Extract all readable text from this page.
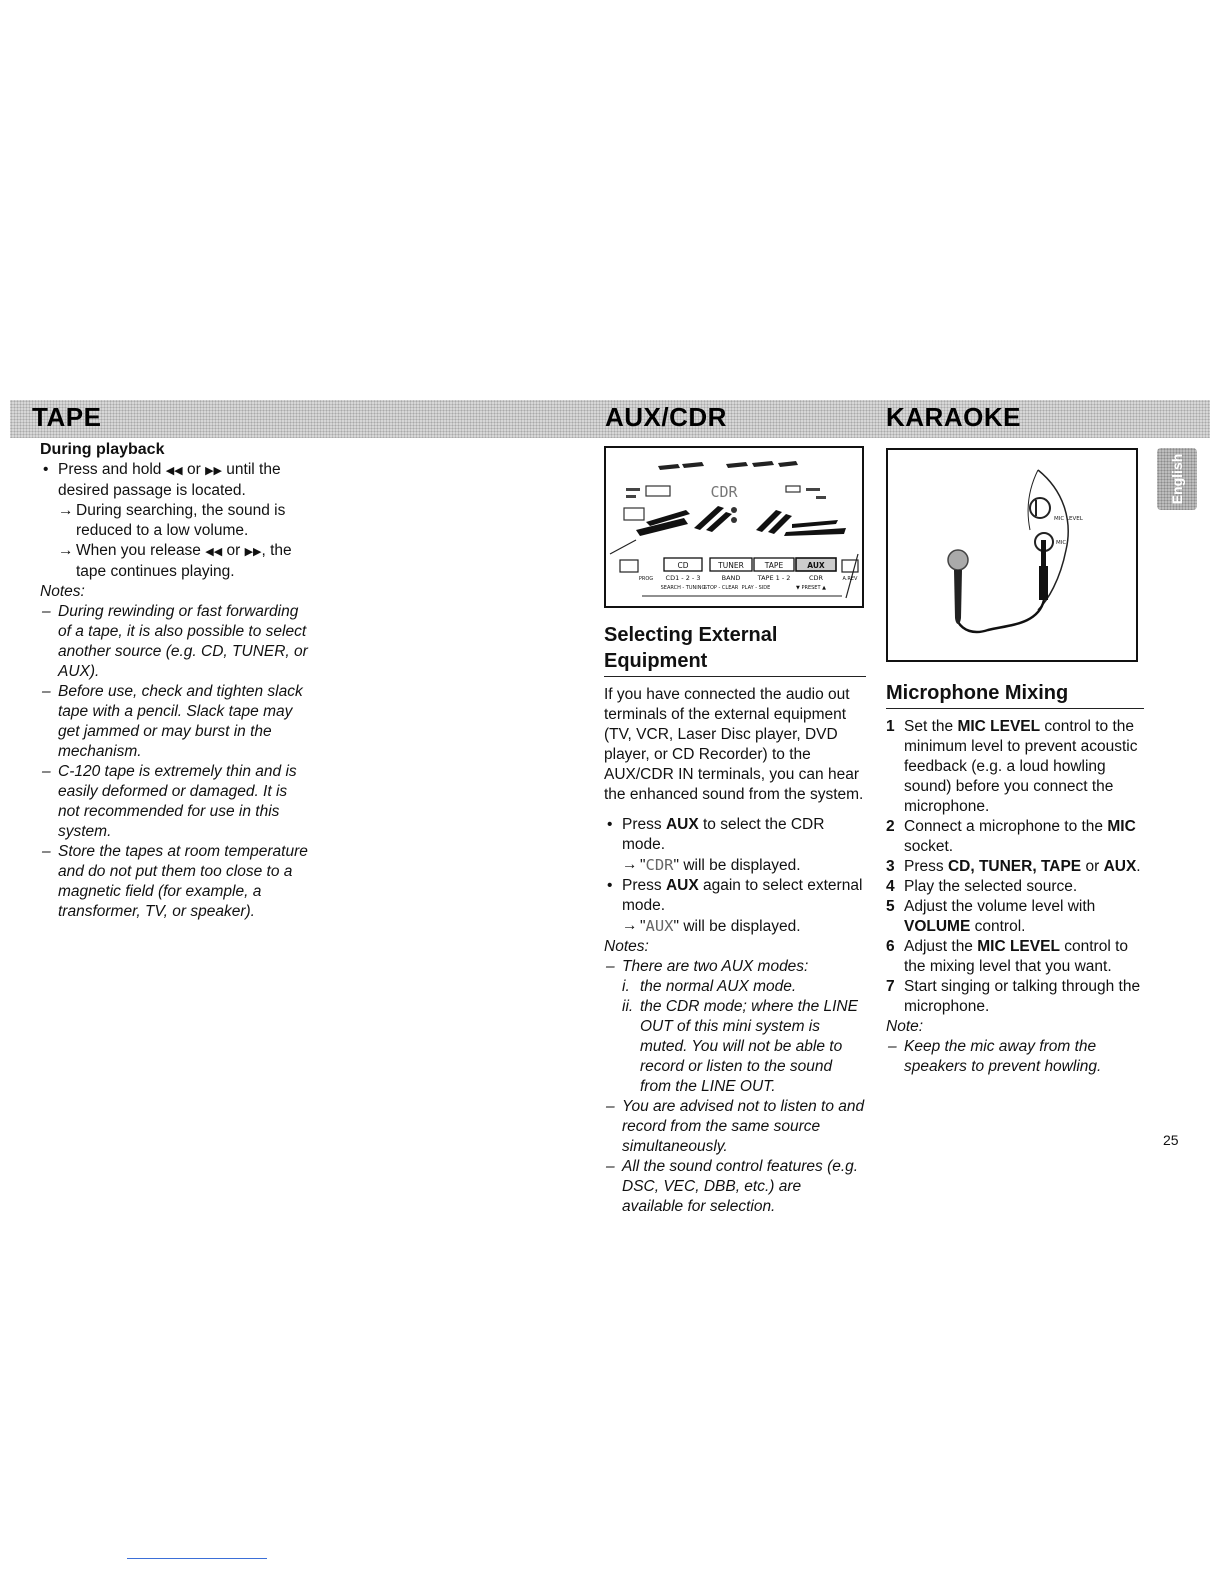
TAPE	AUX/CDR	KARAOKE

During playback

• Press and hold ◀◀ or ▶▶ until the desired passage is located.

→ During searching, the sound is reduced to a low volume.

→ When you release ◀◀ or ▶▶, the tape continues playing.

Notes:

– During rewinding or fast forwarding of a tape, it is also possible to select another source (e.g. CD, TUNER, or AUX).

– Before use, check and tighten slack tape with a pencil. Slack tape may get jammed or may burst in the mechanism.

– C-120 tape is extremely thin and is easily deformed or damaged. It is not recommended for use in this system.

– Store the tapes at room temperature and do not put them too close to a magnetic field (for example, a transformer, TV, or speaker).

CDR
CD	TUNER	TAPE	AUX
CD1 - 2 - 3	BAND	TAPE 1 - 2	CDR
PROG	A.REV
SEARCH - TUNING
STOP - CLEAR PLAY - SIDE	▼ PRESET ▲

Selecting External Equipment

If you have connected the audio out terminals of the external equipment (TV, VCR, Laser Disc player, DVD player, or CD Recorder) to the AUX/CDR IN terminals, you can hear the enhanced sound from the system.

• Press AUX to select the CDR mode.

→ "CDR" will be displayed.

• Press AUX again to select external mode.

→ "AUX" will be displayed.

Notes:

– There are two AUX modes:

i. the normal AUX mode.

ii. the CDR mode; where the LINE OUT of this mini system is muted. You will not be able to record or listen to the sound from the LINE OUT.

– You are advised not to listen to and record from the same source simultaneously.

– All the sound control features (e.g. DSC, VEC, DBB, etc.) are available for selection.

MIC LEVEL
MIC

Microphone Mixing

1 Set the MIC LEVEL control to the minimum level to prevent acoustic feedback (e.g. a loud howling sound) before you connect the microphone.

2 Connect a microphone to the MIC socket.

3 Press CD, TUNER, TAPE or AUX.

4 Play the selected source.

5 Adjust the volume level with VOLUME control.

6 Adjust the MIC LEVEL control to the mixing level that you want.

7 Start singing or talking through the microphone.

Note:

– Keep the mic away from the speakers to prevent howling.

English
25
